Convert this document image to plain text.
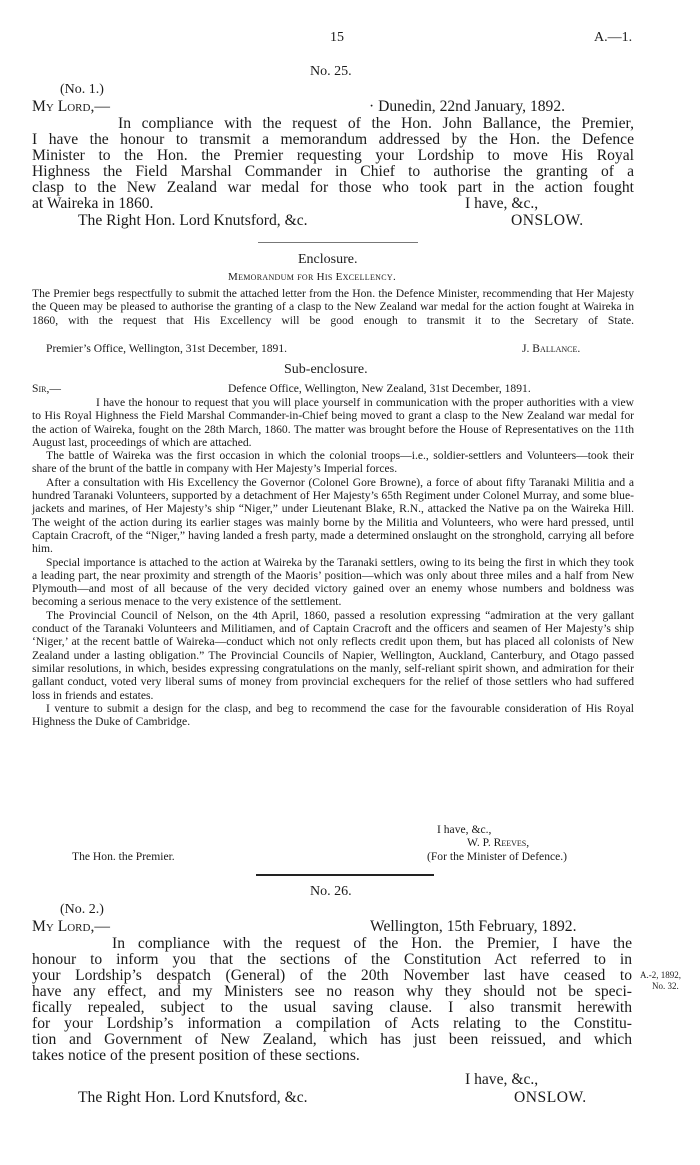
15	A.—1.
No. 25.
(No. 1.)
My Lord,—	· Dunedin, 22nd January, 1892.
In compliance with the request of the Hon. John Ballance, the Premier,
I have the honour to transmit a memorandum addressed by the Hon. the Defence
Minister to the Hon. the Premier requesting your Lordship to move His Royal
Highness the Field Marshal Commander in Chief to authorise the granting of a
clasp to the New Zealand war medal for those who took part in the action fought
at Waireka in 1860.	I have, &c.,
The Right Hon. Lord Knutsford, &c.	ONSLOW.
Enclosure.
Memorandum for His Excellency.
The Premier begs respectfully to submit the attached letter from the Hon. the Defence Minister, recommending that Her Majesty the Queen may be pleased to authorise the granting of a clasp to the New Zealand war medal for the action fought at Waireka in 1860, with the request that His Excellency will be good enough to transmit it to the Secretary of State.
Premier’s Office, Wellington, 31st December, 1891.	J. Ballance.
Sub-enclosure.
Sir,—	Defence Office, Wellington, New Zealand, 31st December, 1891.
I have the honour to request that you will place yourself in communication with the proper authorities with a view to His Royal Highness the Field Marshal Commander-in-Chief being moved to grant a clasp to the New Zealand war medal for the action of Waireka, fought on the 28th March, 1860. The matter was brought before the House of Representatives on the 11th August last, proceedings of which are attached.
The battle of Waireka was the first occasion in which the colonial troops—i.e., soldier-settlers and Volunteers—took their share of the brunt of the battle in company with Her Majesty’s Imperial forces.
After a consultation with His Excellency the Governor (Colonel Gore Browne), a force of about fifty Taranaki Militia and a hundred Taranaki Volunteers, supported by a detachment of Her Majesty’s 65th Regiment under Colonel Murray, and some blue-jackets and marines, of Her Majesty’s ship “Niger,” under Lieutenant Blake, R.N., attacked the Native pa on the Waireka Hill. The weight of the action during its earlier stages was mainly borne by the Militia and Volunteers, who were hard pressed, until Captain Cracroft, of the “Niger,” having landed a fresh party, made a determined onslaught on the stronghold, carrying all before him.
Special importance is attached to the action at Waireka by the Taranaki settlers, owing to its being the first in which they took a leading part, the near proximity and strength of the Maoris’ position—which was only about three miles and a half from New Plymouth—and most of all because of the very decided victory gained over an enemy whose numbers and boldness was becoming a serious menace to the very existence of the settlement.
The Provincial Council of Nelson, on the 4th April, 1860, passed a resolution expressing “admiration at the very gallant conduct of the Taranaki Volunteers and Militiamen, and of Captain Cracroft and the officers and seamen of Her Majesty’s ship ‘Niger,’ at the recent battle of Waireka—conduct which not only reflects credit upon them, but has placed all colonists of New Zealand under a lasting obligation.” The Provincial Councils of Napier, Wellington, Auckland, Canterbury, and Otago passed similar resolutions, in which, besides expressing congratulations on the manly, self-reliant spirit shown, and admiration for their gallant conduct, voted very liberal sums of money from provincial exchequers for the relief of those settlers who had suffered loss in friends and estates.
I venture to submit a design for the clasp, and beg to recommend the case for the favourable consideration of His Royal Highness the Duke of Cambridge.
I have, &c.,
W. P. Reeves,
(For the Minister of Defence.)
The Hon. the Premier.
No. 26.
(No. 2.)
My Lord,—	Wellington, 15th February, 1892.
In compliance with the request of the Hon. the Premier, I have the
honour to inform you that the sections of the Constitution Act referred to in
your Lordship’s despatch (General) of the 20th November last have ceased to
have any effect, and my Ministers see no reason why they should not be speci-
fically repealed, subject to the usual saving clause. I also transmit herewith
for your Lordship’s information a compilation of Acts relating to the Constitu-
tion and Government of New Zealand, which has just been reissued, and which
takes notice of the present position of these sections.
A.-2, 1892,
No. 32.
I have, &c.,
The Right Hon. Lord Knutsford, &c.	ONSLOW.
